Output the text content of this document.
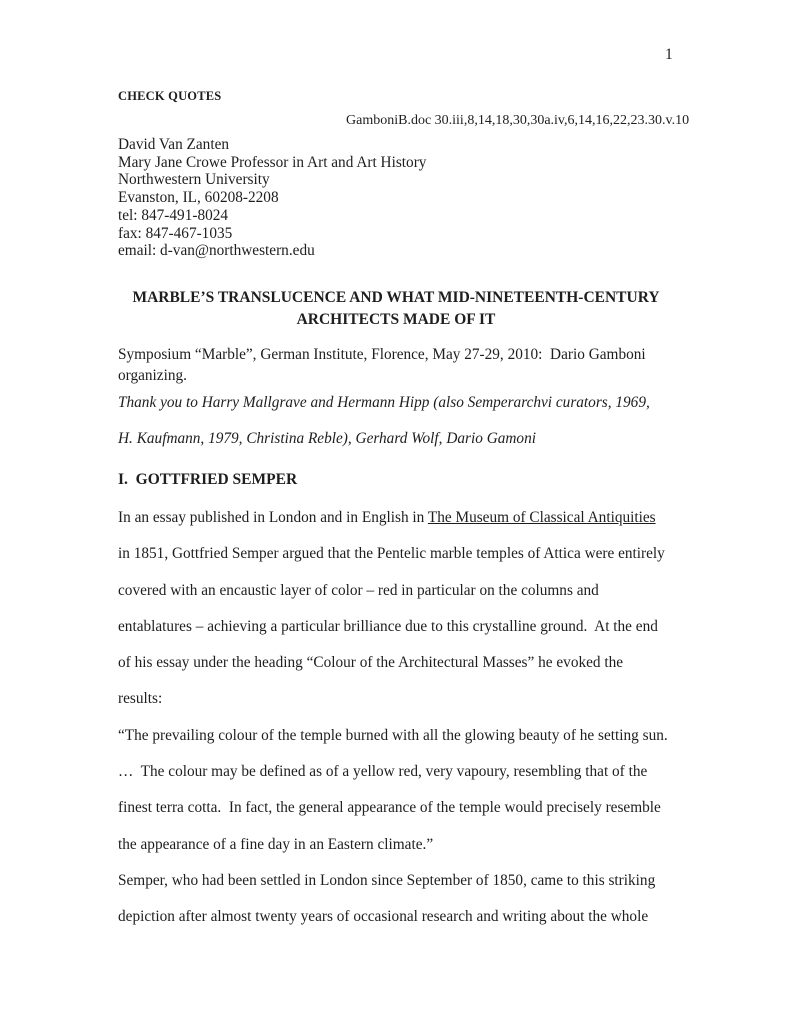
1
CHECK QUOTES
GamboniB.doc 30.iii,8,14,18,30,30a.iv,6,14,16,22,23.30.v.10
David Van Zanten
Mary Jane Crowe Professor in Art and Art History
Northwestern University
Evanston, IL, 60208-2208
tel: 847-491-8024
fax: 847-467-1035
email: d-van@northwestern.edu
MARBLE’S TRANSLUCENCE AND WHAT MID-NINETEENTH-CENTURY
ARCHITECTS MADE OF IT
Symposium “Marble”, German Institute, Florence, May 27-29, 2010:  Dario Gamboni
organizing.
Thank you to Harry Mallgrave and Hermann Hipp (also Semperarchvi curators, 1969,
H. Kaufmann, 1979, Christina Reble), Gerhard Wolf, Dario Gamoni
I.  GOTTFRIED SEMPER
In an essay published in London and in English in The Museum of Classical Antiquities
in 1851, Gottfried Semper argued that the Pentelic marble temples of Attica were entirely
covered with an encaustic layer of color – red in particular on the columns and
entablatures – achieving a particular brilliance due to this crystalline ground.  At the end
of his essay under the heading “Colour of the Architectural Masses” he evoked the
results:
“The prevailing colour of the temple burned with all the glowing beauty of he setting sun.
…  The colour may be defined as of a yellow red, very vapoury, resembling that of the
finest terra cotta.  In fact, the general appearance of the temple would precisely resemble
the appearance of a fine day in an Eastern climate.”
Semper, who had been settled in London since September of 1850, came to this striking
depiction after almost twenty years of occasional research and writing about the whole
